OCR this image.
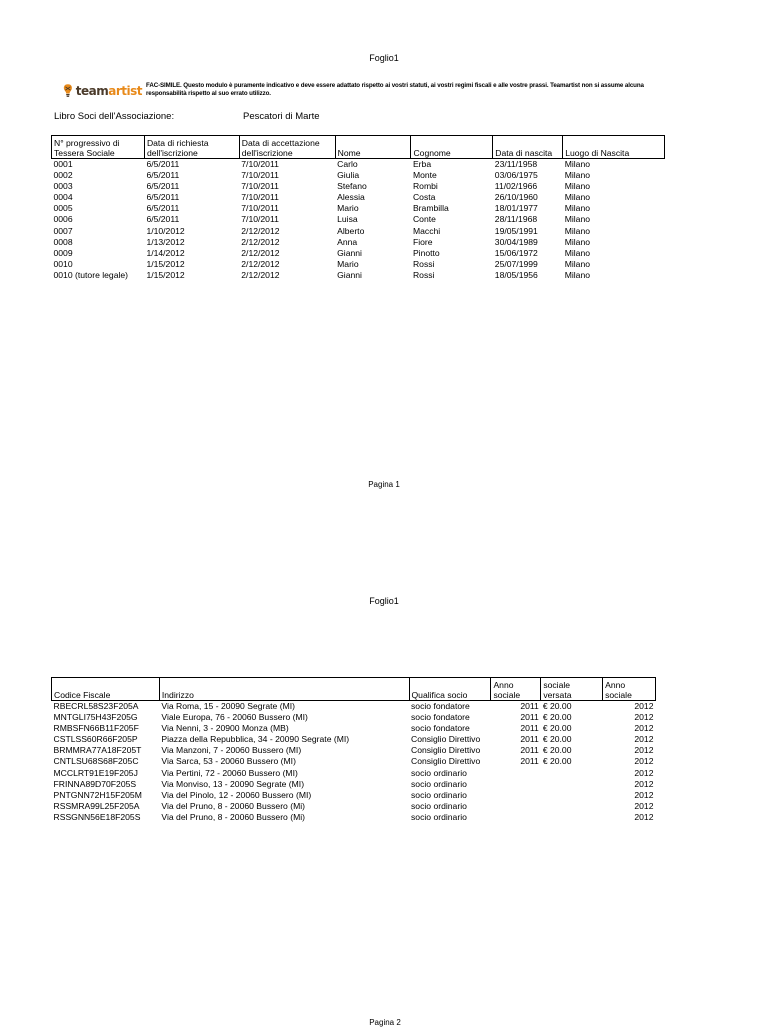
Foglio1
teamartist FAC-SIMILE. Questo modulo è puramente indicativo e deve essere adattato rispetto ai vostri statuti, ai vostri regimi fiscali e alle vostre prassi. Teamartist non si assume alcuna responsabilità rispetto al suo errato utilizzo.
Libro Soci dell'Associazione:	Pescatori di Marte
N° progressivo di Tessera Sociale	Data di richiesta dell'iscrizione	Data di accettazione dell'iscrizione	Nome	Cognome	Data di nascita	Luogo di Nascita
0001	6/5/2011	7/10/2011	Carlo	Erba	23/11/1958	Milano
0002	6/5/2011	7/10/2011	Giulia	Monte	03/06/1975	Milano
0003	6/5/2011	7/10/2011	Stefano	Rombi	11/02/1966	Milano
0004	6/5/2011	7/10/2011	Alessia	Costa	26/10/1960	Milano
0005	6/5/2011	7/10/2011	Mario	Brambilla	18/01/1977	Milano
0006	6/5/2011	7/10/2011	Luisa	Conte	28/11/1968	Milano
0007	1/10/2012	2/12/2012	Alberto	Macchi	19/05/1991	Milano
0008	1/13/2012	2/12/2012	Anna	Fiore	30/04/1989	Milano
0009	1/14/2012	2/12/2012	Gianni	Pinotto	15/06/1972	Milano
0010	1/15/2012	2/12/2012	Mario	Rossi	25/07/1999	Milano
0010 (tutore legale)	1/15/2012	2/12/2012	Gianni	Rossi	18/05/1956	Milano
Pagina 1
Foglio1
Codice Fiscale	Indirizzo	Qualifica socio	Anno sociale	sociale versata	Anno sociale
RBECRL58S23F205A	Via Roma, 15 - 20090 Segrate (MI)	socio fondatore	2011	€ 20.00	2012
MNTGLI75H43F205G	Viale Europa, 76 - 20060 Bussero (MI)	socio fondatore	2011	€ 20.00	2012
RMBSFN66B11F205F	Via Nenni, 3 - 20900 Monza (MB)	socio fondatore	2011	€ 20.00	2012
CSTLSS60R66F205P	Piazza della Repubblica, 34 - 20090 Segrate (MI)	Consiglio Direttivo	2011	€ 20.00	2012
BRMMRA77A18F205T	Via Manzoni, 7 - 20060 Bussero (MI)	Consiglio Direttivo	2011	€ 20.00	2012
CNTLSU68S68F205C	Via Sarca, 53 - 20060 Bussero (MI)	Consiglio Direttivo	2011	€ 20.00	2012
MCCLRT91E19F205J	Via Pertini, 72 - 20060 Bussero (MI)	socio ordinario			2012
FRINNA89D70F205S	Via Monviso, 13 - 20090 Segrate (MI)	socio ordinario			2012
PNTGNN72H15F205M	Via del Pinolo, 12 - 20060 Bussero (MI)	socio ordinario			2012
RSSMRA99L25F205A	Via del Pruno, 8 - 20060 Bussero (Mi)	socio ordinario			2012
RSSGNN56E18F205S	Via del Pruno, 8 - 20060 Bussero (Mi)	socio ordinario			2012
Pagina 2
